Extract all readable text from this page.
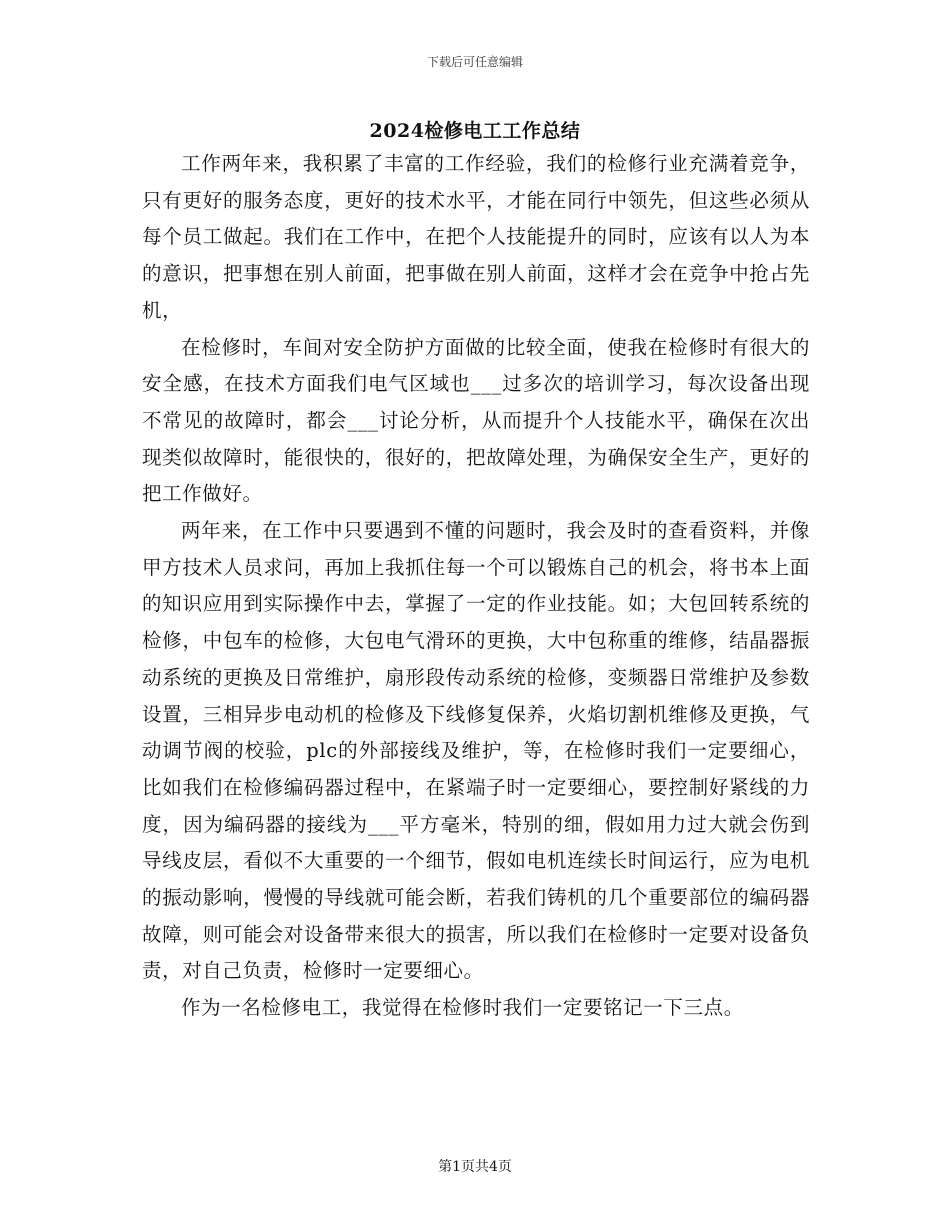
下载后可任意编辑
2024检修电工工作总结

工作两年来，我积累了丰富的工作经验，我们的检修行业充满着竞争，只有更好的服务态度，更好的技术水平，才能在同行中领先，但这些必须从每个员工做起。我们在工作中，在把个人技能提升的同时，应该有以人为本的意识，把事想在别人前面，把事做在别人前面，这样才会在竞争中抢占先机，

在检修时，车间对安全防护方面做的比较全面，使我在检修时有很大的安全感，在技术方面我们电气区域也___过多次的培训学习，每次设备出现不常见的故障时，都会___讨论分析，从而提升个人技能水平，确保在次出现类似故障时，能很快的，很好的，把故障处理，为确保安全生产，更好的把工作做好。

两年来，在工作中只要遇到不懂的问题时，我会及时的查看资料，并像甲方技术人员求问，再加上我抓住每一个可以锻炼自己的机会，将书本上面的知识应用到实际操作中去，掌握了一定的作业技能。如；大包回转系统的检修，中包车的检修，大包电气滑环的更换，大中包称重的维修，结晶器振动系统的更换及日常维护，扇形段传动系统的检修，变频器日常维护及参数设置，三相异步电动机的检修及下线修复保养，火焰切割机维修及更换，气动调节阀的校验，plc的外部接线及维护，等，在检修时我们一定要细心，比如我们在检修编码器过程中，在紧端子时一定要细心，要控制好紧线的力度，因为编码器的接线为___平方毫米，特别的细，假如用力过大就会伤到导线皮层，看似不大重要的一个细节，假如电机连续长时间运行，应为电机的振动影响，慢慢的导线就可能会断，若我们铸机的几个重要部位的编码器故障，则可能会对设备带来很大的损害，所以我们在检修时一定要对设备负责，对自己负责，检修时一定要细心。

作为一名检修电工，我觉得在检修时我们一定要铭记一下三点。

第1页共4页
